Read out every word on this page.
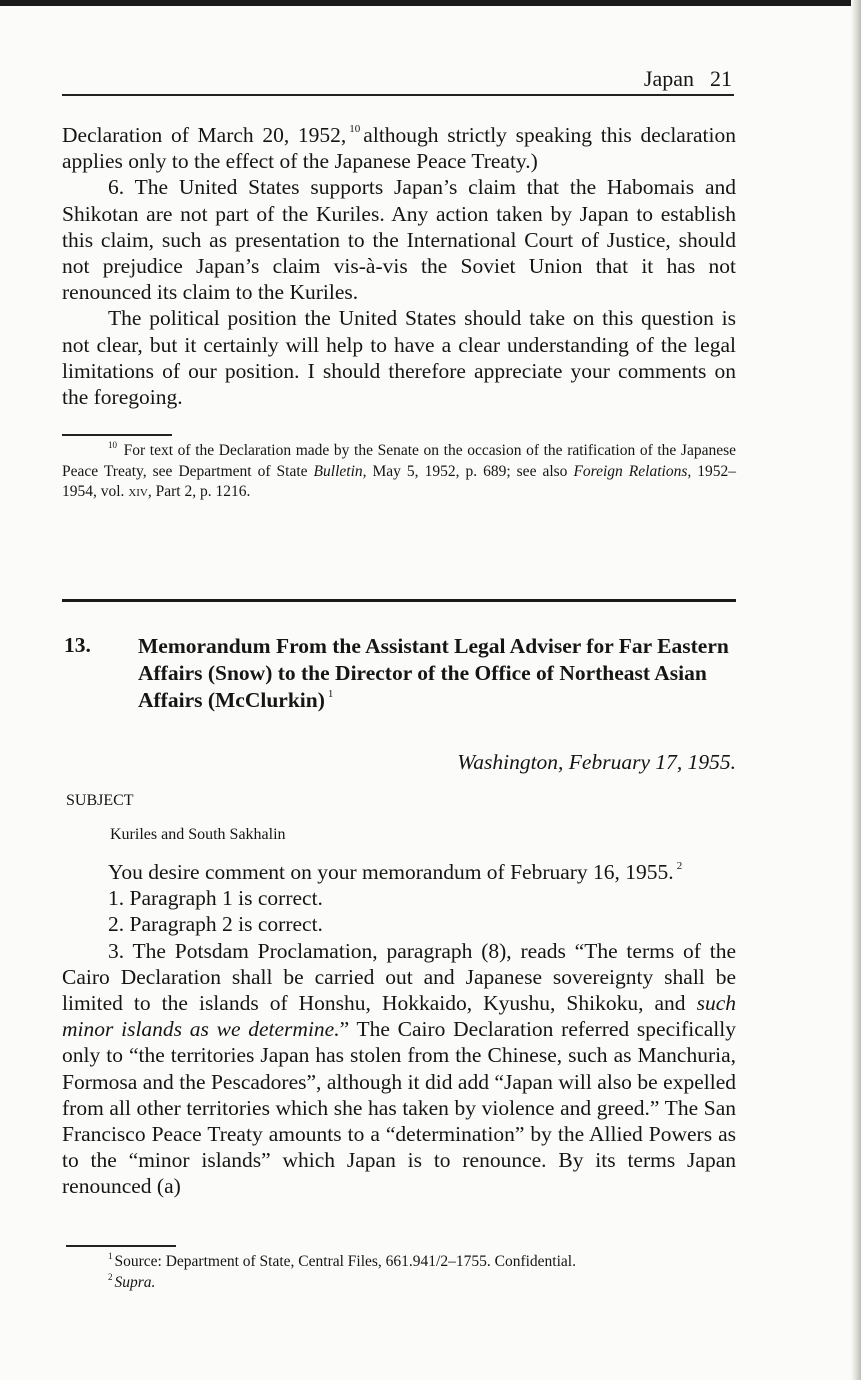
Japan 21

Declaration of March 20, 1952, $^{10}$ although strictly speaking this declaration applies only to the effect of the Japanese Peace Treaty.)

6. The United States supports Japan’s claim that the Habomais and Shikotan are not part of the Kuriles. Any action taken by Japan to establish this claim, such as presentation to the International Court of Justice, should not prejudice Japan’s claim vis-à-vis the Soviet Union that it has not renounced its claim to the Kuriles.

The political position the United States should take on this question is not clear, but it certainly will help to have a clear understanding of the legal limitations of our position. I should therefore appreciate your comments on the foregoing.

$^{10}$ For text of the Declaration made by the Senate on the occasion of the ratification of the Japanese Peace Treaty, see Department of State Bulletin, May 5, 1952, p. 689; see also Foreign Relations, 1952–1954, vol. xiv, Part 2, p. 1216.

13. Memorandum From the Assistant Legal Adviser for Far Eastern Affairs (Snow) to the Director of the Office of Northeast Asian Affairs (McClurkin) $^1$
Washington, February 17, 1955.
SUBJECT
Kuriles and South Sakhalin

You desire comment on your memorandum of February 16, 1955. $^2$

1. Paragraph 1 is correct.

2. Paragraph 2 is correct.

3. The Potsdam Proclamation, paragraph (8), reads “The terms of the Cairo Declaration shall be carried out and Japanese sovereignty shall be limited to the islands of Honshu, Hokkaido, Kyushu, Shikoku, and such minor islands as we determine.” The Cairo Declaration referred specifically only to “the territories Japan has stolen from the Chinese, such as Manchuria, Formosa and the Pescadores”, although it did add “Japan will also be expelled from all other territories which she has taken by violence and greed.” The San Francisco Peace Treaty amounts to a “determination” by the Allied Powers as to the “minor islands” which Japan is to renounce. By its terms Japan renounced (a)

$^1$ Source: Department of State, Central Files, 661.941/2–1755. Confidential.

$^2$ Supra.
